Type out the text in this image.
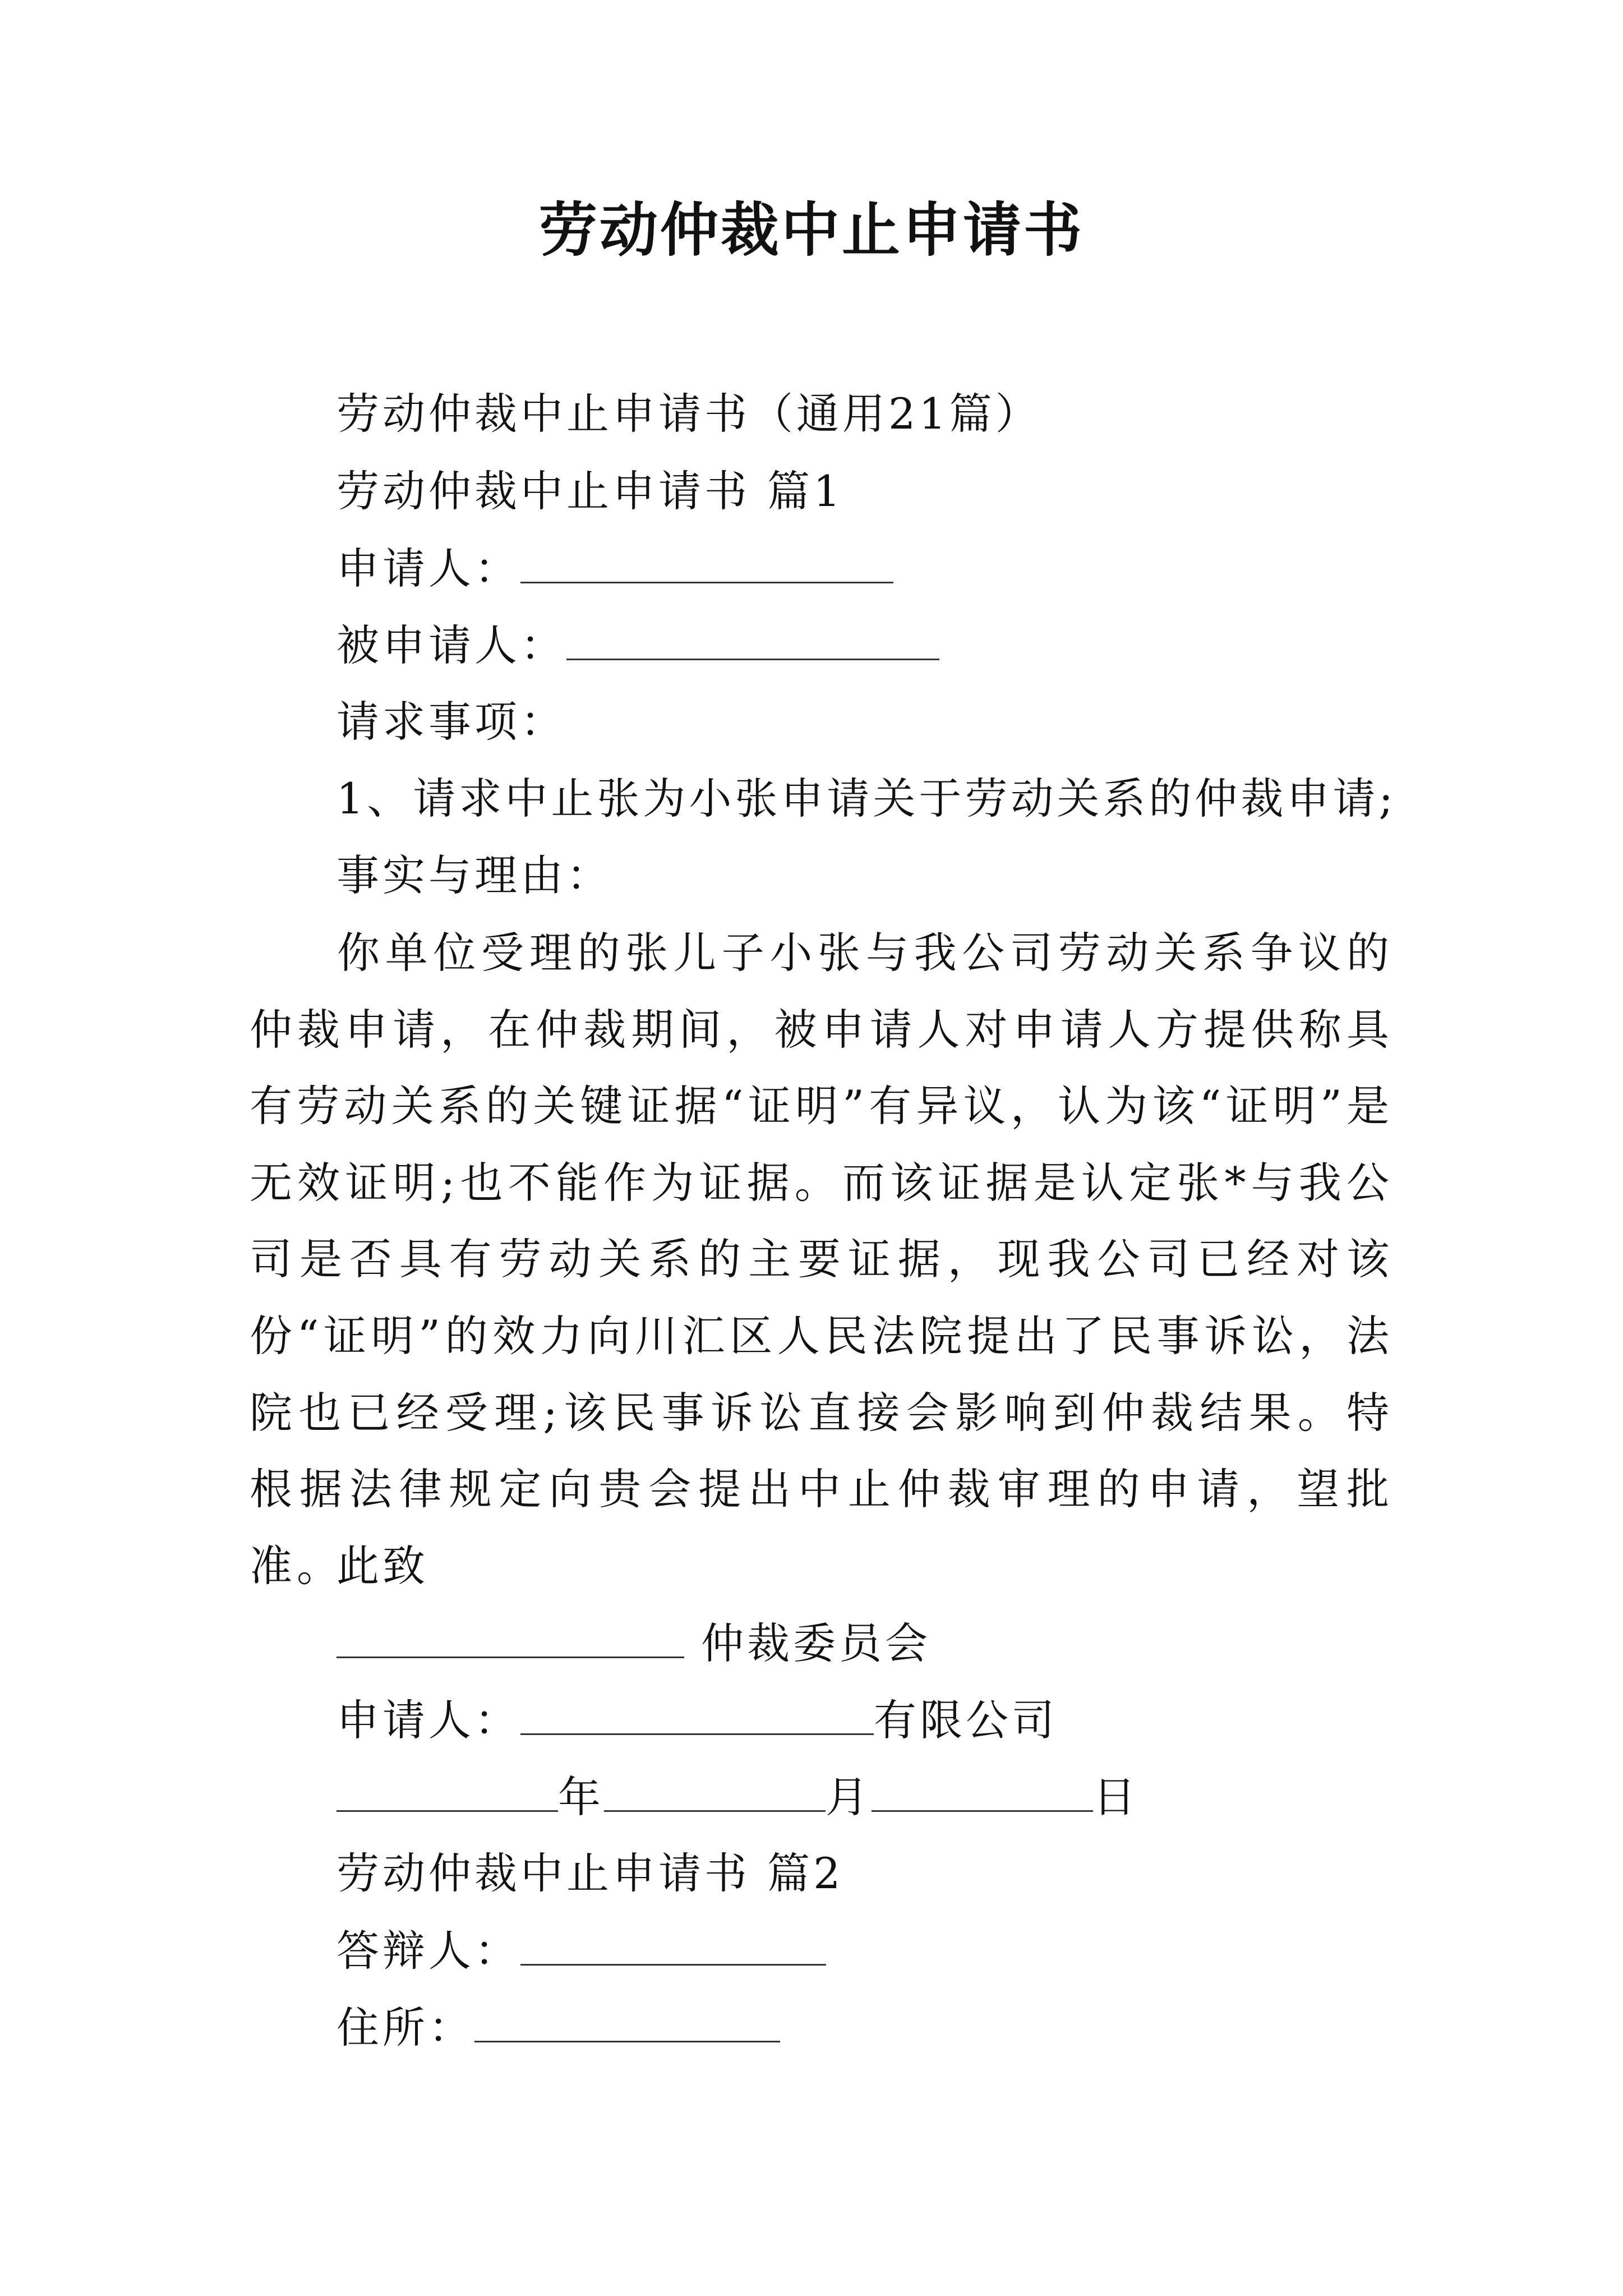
劳动仲裁中止申请书
劳动仲裁中止申请书（通用21篇）
劳动仲裁中止申请书 篇1
申请人：
被申请人：
请求事项：
1、请求中止张为小张申请关于劳动关系的仲裁申请;
事实与理由：
你单位受理的张儿子小张与我公司劳动关系争议的仲裁申请，在仲裁期间，被申请人对申请人方提供称具有劳动关系的关键证据“证明”有异议，认为该“证明”是无效证明;也不能作为证据。而该证据是认定张*与我公司是否具有劳动关系的主要证据，现我公司已经对该份“证明”的效力向川汇区人民法院提出了民事诉讼，法院也已经受理;该民事诉讼直接会影响到仲裁结果。特根据法律规定向贵会提出中止仲裁审理的申请，望批准。
此致
仲裁委员会
申请人：	有限公司
年	月	日
劳动仲裁中止申请书 篇2
答辩人：
住所：
